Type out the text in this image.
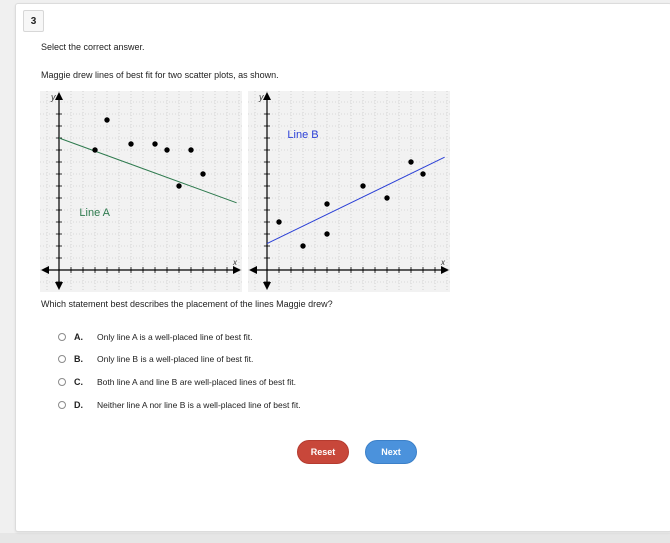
3
Select the correct answer.
Maggie drew lines of best fit for two scatter plots, as shown.
y
x
Line A
y
x
Line B
Which statement best describes the placement of the lines Maggie drew?
A. Only line A is a well-placed line of best fit.
B. Only line B is a well-placed line of best fit.
C. Both line A and line B are well-placed lines of best fit.
D. Neither line A nor line B is a well-placed line of best fit.
Reset	Next
